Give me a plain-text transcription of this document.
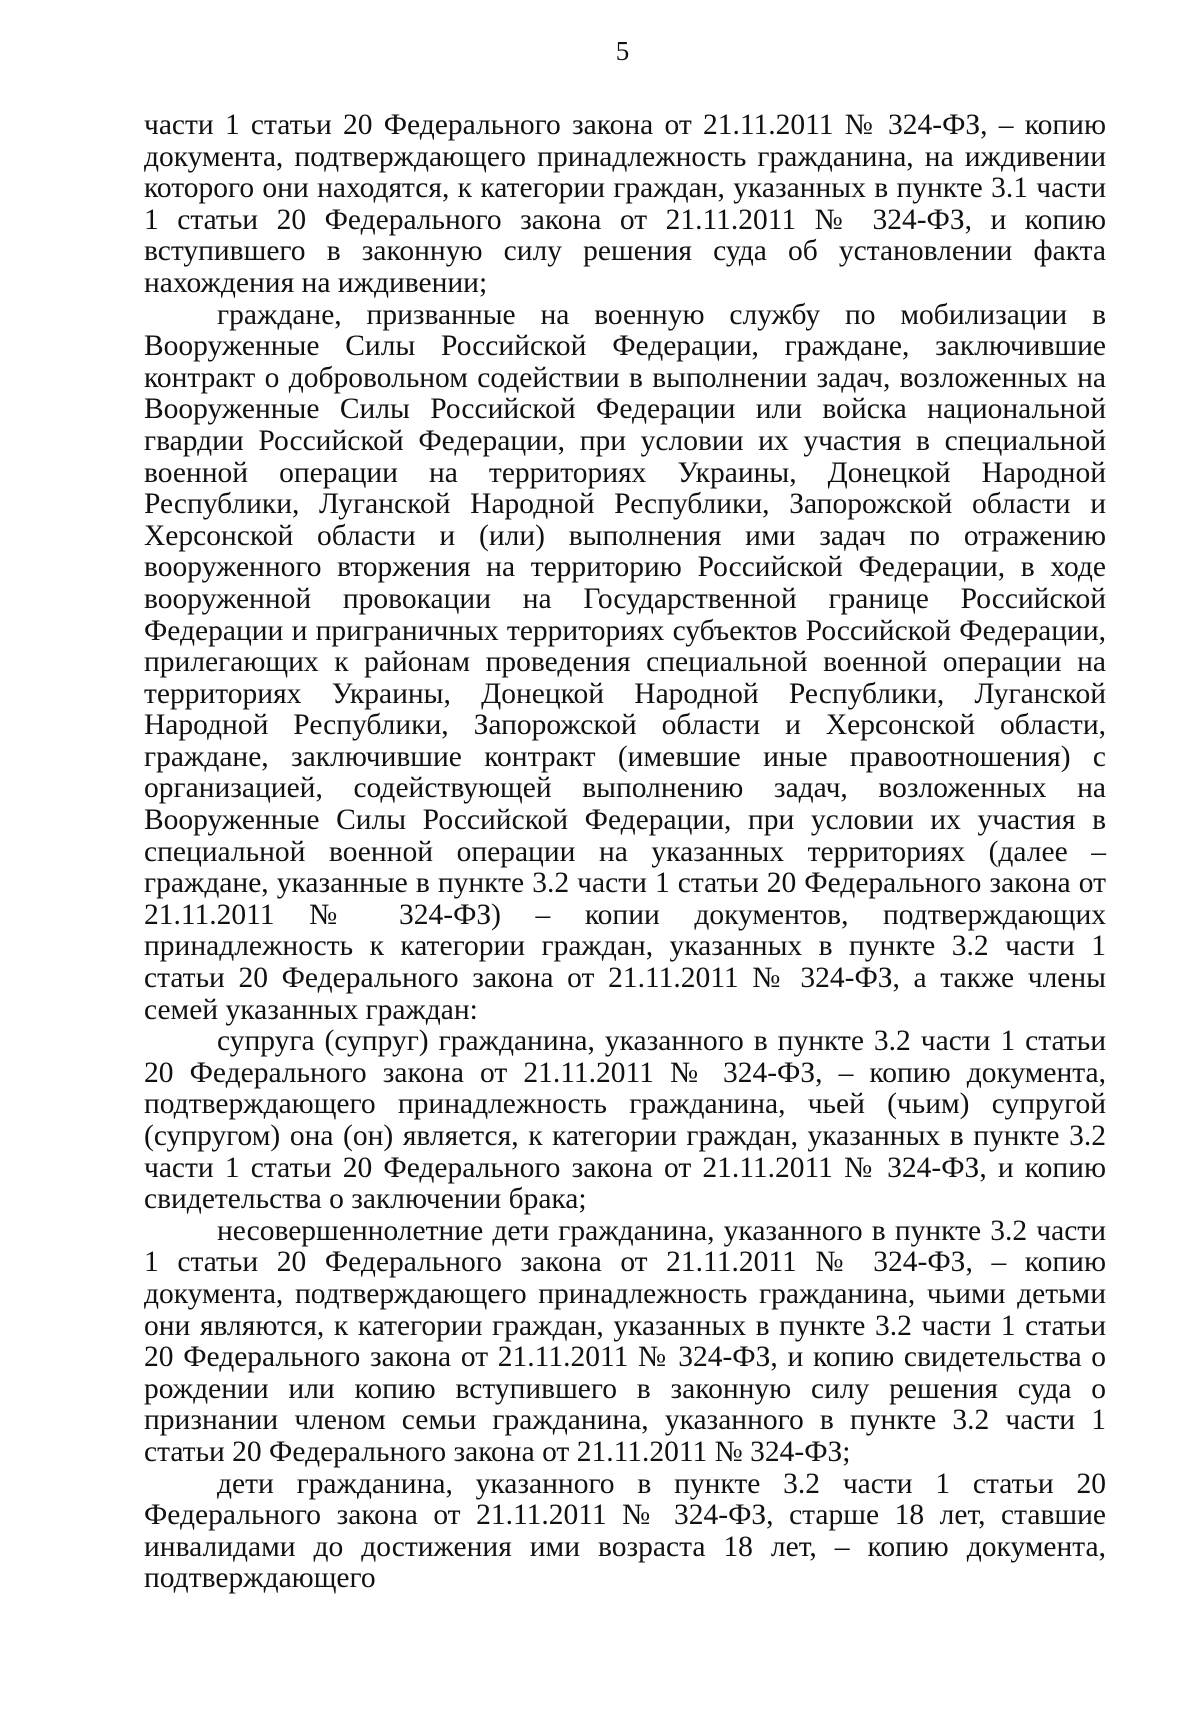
5

части 1 статьи 20 Федерального закона от 21.11.2011 № 324-ФЗ, – копию документа, подтверждающего принадлежность гражданина, на иждивении которого они находятся, к категории граждан, указанных в пункте 3.1 части 1 статьи 20 Федерального закона от 21.11.2011 № 324-ФЗ, и копию вступившего в законную силу решения суда об установлении факта нахождения на иждивении;

граждане, призванные на военную службу по мобилизации в Вооруженные Силы Российской Федерации, граждане, заключившие контракт о добровольном содействии в выполнении задач, возложенных на Вооруженные Силы Российской Федерации или войска национальной гвардии Российской Федерации, при условии их участия в специальной военной операции на территориях Украины, Донецкой Народной Республики, Луганской Народной Республики, Запорожской области и Херсонской области и (или) выполнения ими задач по отражению вооруженного вторжения на территорию Российской Федерации, в ходе вооруженной провокации на Государственной границе Российской Федерации и приграничных территориях субъектов Российской Федерации, прилегающих к районам проведения специальной военной операции на территориях Украины, Донецкой Народной Республики, Луганской Народной Республики, Запорожской области и Херсонской области, граждане, заключившие контракт (имевшие иные правоотношения) с организацией, содействующей выполнению задач, возложенных на Вооруженные Силы Российской Федерации, при условии их участия в специальной военной операции на указанных территориях (далее – граждане, указанные в пункте 3.2 части 1 статьи 20 Федерального закона от 21.11.2011 № 324-ФЗ) – копии документов, подтверждающих принадлежность к категории граждан, указанных в пункте 3.2 части 1 статьи 20 Федерального закона от 21.11.2011 № 324-ФЗ, а также члены семей указанных граждан:

супруга (супруг) гражданина, указанного в пункте 3.2 части 1 статьи 20 Федерального закона от 21.11.2011 № 324-ФЗ, – копию документа, подтверждающего принадлежность гражданина, чьей (чьим) супругой (супругом) она (он) является, к категории граждан, указанных в пункте 3.2 части 1 статьи 20 Федерального закона от 21.11.2011 № 324-ФЗ, и копию свидетельства о заключении брака;

несовершеннолетние дети гражданина, указанного в пункте 3.2 части 1 статьи 20 Федерального закона от 21.11.2011 № 324-ФЗ, – копию документа, подтверждающего принадлежность гражданина, чьими детьми они являются, к категории граждан, указанных в пункте 3.2 части 1 статьи 20 Федерального закона от 21.11.2011 № 324-ФЗ, и копию свидетельства о рождении или копию вступившего в законную силу решения суда о признании членом семьи гражданина, указанного в пункте 3.2 части 1 статьи 20 Федерального закона от 21.11.2011 № 324-ФЗ;

дети гражданина, указанного в пункте 3.2 части 1 статьи 20 Федерального закона от 21.11.2011 № 324-ФЗ, старше 18 лет, ставшие инвалидами до достижения ими возраста 18 лет, – копию документа, подтверждающего
